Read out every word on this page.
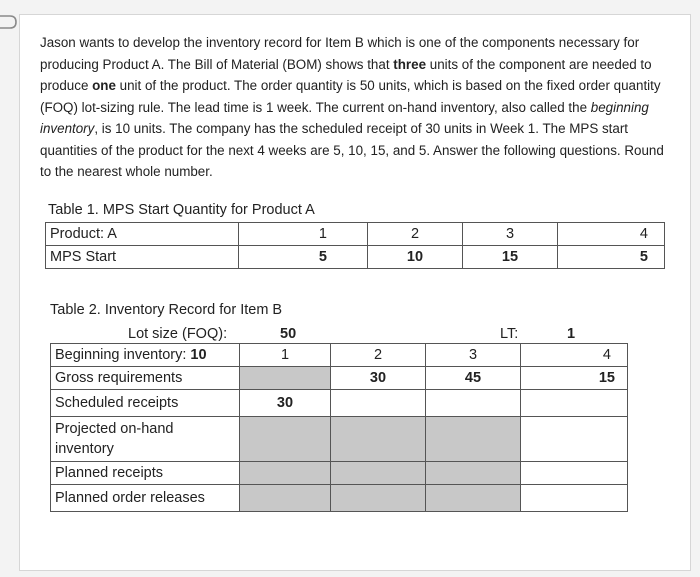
Jason wants to develop the inventory record for Item B which is one of the components necessary for producing Product A. The Bill of Material (BOM) shows that three units of the component are needed to produce one unit of the product. The order quantity is 50 units, which is based on the fixed order quantity (FOQ) lot-sizing rule. The lead time is 1 week. The current on-hand inventory, also called the beginning inventory, is 10 units. The company has the scheduled receipt of 30 units in Week 1. The MPS start quantities of the product for the next 4 weeks are 5, 10, 15, and 5. Answer the following questions. Round to the nearest whole number.
Table 1. MPS Start Quantity for Product A
Product: A	1	2	3	4
MPS Start	5	10	15	5
Table 2. Inventory Record for Item B
Lot size (FOQ):	50	LT:	1
Beginning inventory: 10	1	2	3	4
Gross requirements		30	45	15
Scheduled receipts	30			

Projected on-hand
inventory				

Planned receipts				
Planned order releases				
